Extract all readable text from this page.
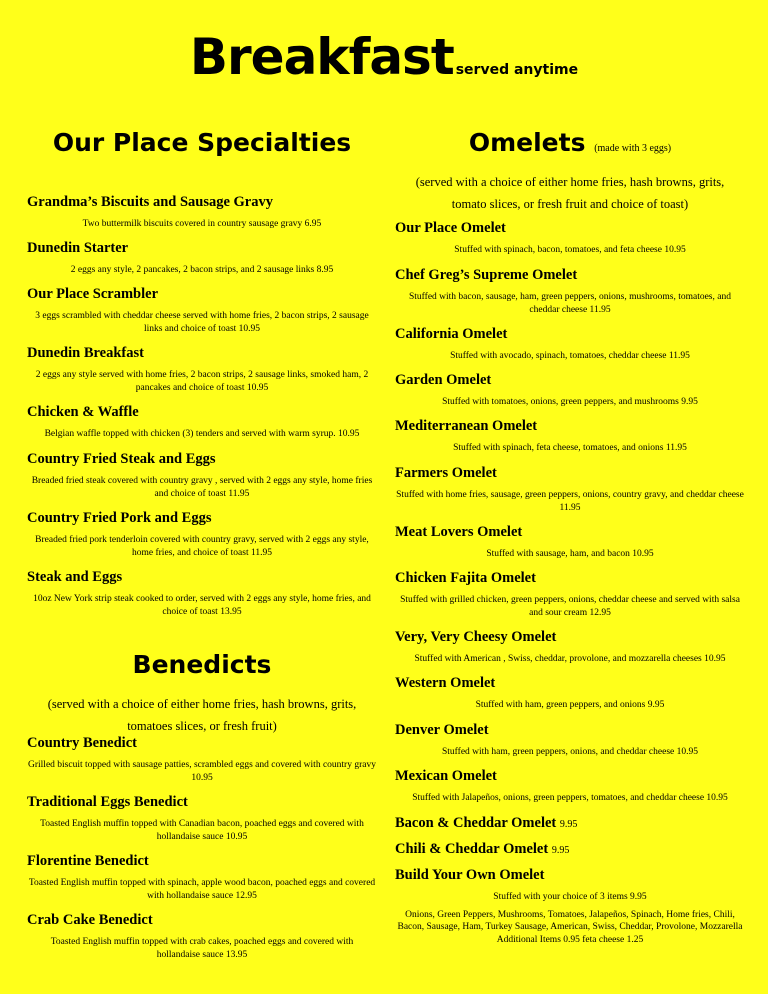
Breakfast served anytime
Our Place Specialties
Grandma’s Biscuits and Sausage Gravy
Two buttermilk biscuits covered in country sausage gravy 6.95
Dunedin Starter
2 eggs any style, 2 pancakes, 2 bacon strips, and 2 sausage links 8.95
Our Place Scrambler
3 eggs scrambled with cheddar cheese served with home fries, 2 bacon strips, 2 sausage links and choice of toast 10.95
Dunedin Breakfast
2 eggs any style served with home fries, 2 bacon strips, 2 sausage links, smoked ham, 2 pancakes and choice of toast 10.95
Chicken & Waffle
Belgian waffle topped with chicken (3) tenders and served with warm syrup. 10.95
Country Fried Steak and Eggs
Breaded fried steak covered with country gravy , served with 2 eggs any style, home fries and choice of toast 11.95
Country Fried Pork and Eggs
Breaded fried pork tenderloin covered with country gravy, served with 2 eggs any style, home fries, and choice of toast 11.95
Steak and Eggs
10oz New York strip steak cooked to order, served with 2 eggs any style, home fries, and choice of toast 13.95
Benedicts
(served with a choice of either home fries, hash browns, grits, tomatoes slices, or fresh fruit)
Country Benedict
Grilled biscuit topped with sausage patties, scrambled eggs and covered with country gravy 10.95
Traditional Eggs Benedict
Toasted English muffin topped with Canadian bacon, poached eggs and covered with hollandaise sauce 10.95
Florentine Benedict
Toasted English muffin topped with spinach, apple wood bacon, poached eggs and covered with hollandaise sauce 12.95
Crab Cake Benedict
Toasted English muffin topped with crab cakes, poached eggs and covered with hollandaise sauce 13.95
Omelets (made with 3 eggs)
(served with a choice of either home fries, hash browns, grits, tomato slices, or fresh fruit and choice of toast)
Our Place Omelet
Stuffed with spinach, bacon, tomatoes, and feta cheese 10.95
Chef Greg’s Supreme Omelet
Stuffed with bacon, sausage, ham, green peppers, onions, mushrooms, tomatoes, and cheddar cheese 11.95
California Omelet
Stuffed with avocado, spinach, tomatoes, cheddar cheese 11.95
Garden Omelet
Stuffed with tomatoes, onions, green peppers, and mushrooms 9.95
Mediterranean Omelet
Stuffed with spinach, feta cheese, tomatoes, and onions 11.95
Farmers Omelet
Stuffed with home fries, sausage, green peppers, onions, country gravy, and cheddar cheese 11.95
Meat Lovers Omelet
Stuffed with sausage, ham, and bacon 10.95
Chicken Fajita Omelet
Stuffed with grilled chicken, green peppers, onions, cheddar cheese and served with salsa and sour cream 12.95
Very, Very Cheesy Omelet
Stuffed with American , Swiss, cheddar, provolone, and mozzarella cheeses 10.95
Western Omelet
Stuffed with ham, green peppers, and onions 9.95
Denver Omelet
Stuffed with ham, green peppers, onions, and cheddar cheese 10.95
Mexican Omelet
Stuffed with Jalapeños, onions, green peppers, tomatoes, and cheddar cheese 10.95
Bacon & Cheddar Omelet 9.95
Chili & Cheddar Omelet 9.95
Build Your Own Omelet
Stuffed with your choice of 3 items 9.95
Onions, Green Peppers, Mushrooms, Tomatoes, Jalapeños, Spinach, Home fries, Chili, Bacon, Sausage, Ham, Turkey Sausage, American, Swiss, Cheddar, Provolone, Mozzarella Additional Items 0.95 feta cheese 1.25
